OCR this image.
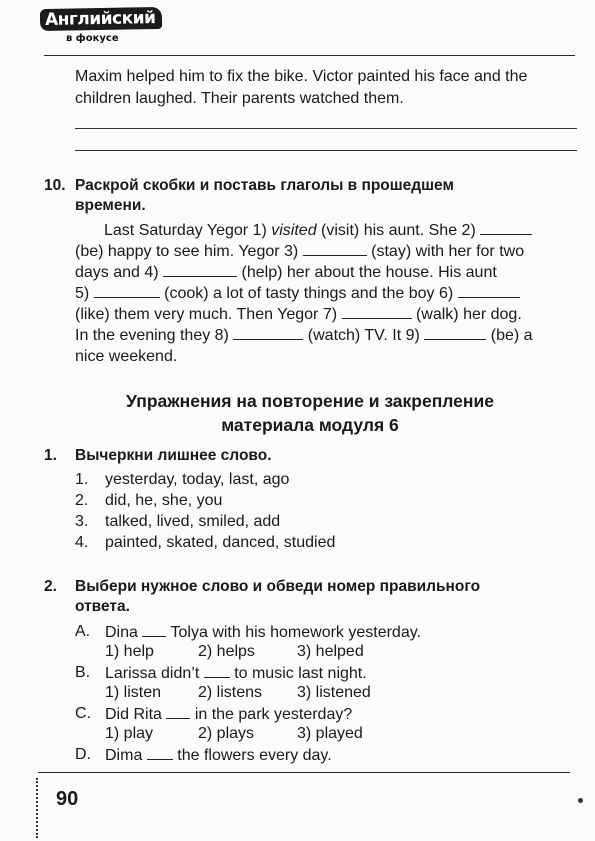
Английский
в фокусе
Maxim helped him to fix the bike. Victor painted his face and the
children laughed. Their parents watched them.
10. Раскрой скобки и поставь глаголы в прошедшем
времени.
Last Saturday Yegor 1) visited (visit) his aunt. She 2)
(be) happy to see him. Yegor 3)	(stay) with her for two
days and 4)	(help) her about the house. His aunt
5)	(cook) a lot of tasty things and the boy 6)
(like) them very much. Then Yegor 7)	(walk) her dog.
In the evening they 8)	(watch) TV. It 9)	(be) a
nice weekend.
Упражнения на повторение и закрепление
материала модуля 6
1. Вычеркни лишнее слово.
1. yesterday, today, last, ago
2. did, he, she, you
3. talked, lived, smiled, add
4. painted, skated, danced, studied
2. Выбери нужное слово и обведи номер правильного
ответа.
A. Dina Tolya with his homework yesterday.
1) help	2) helps	3) helped
B. Larissa didn’t to music last night.
1) listen 2) listens 3) listened
C. Did Rita in the park yesterday?
1) play	2) plays	3) played
D. Dima the flowers every day.
90
